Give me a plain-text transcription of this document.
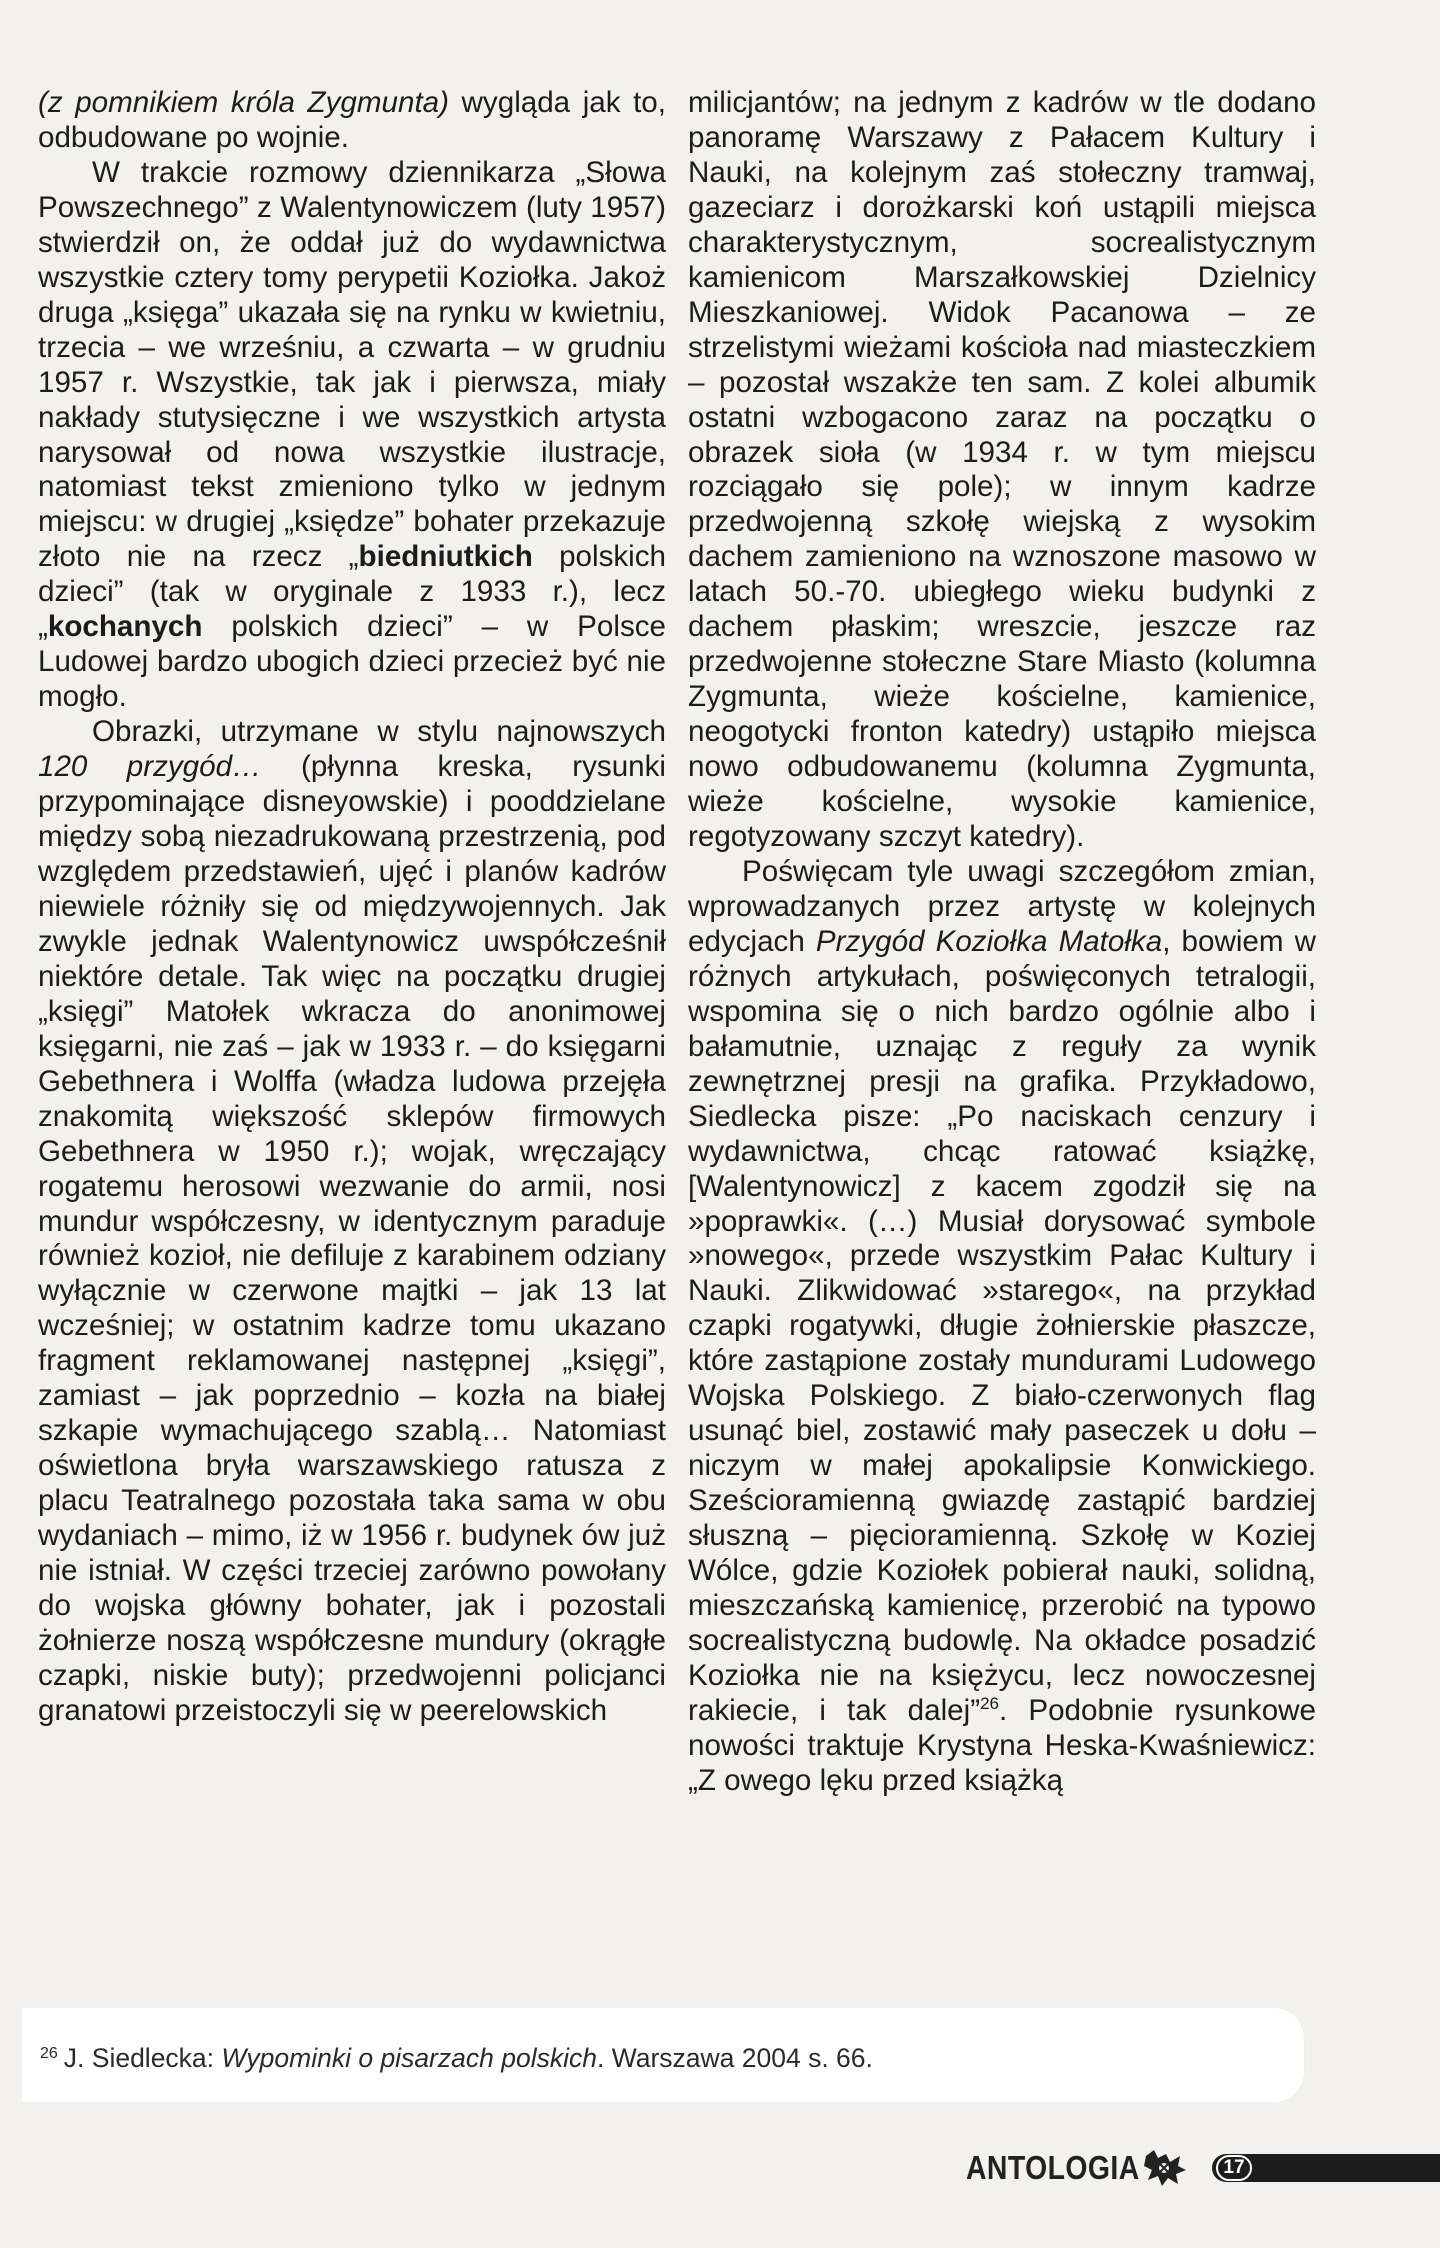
(z pomnikiem króla Zygmunta) wygląda jak to, odbudowane po wojnie.

W trakcie rozmowy dziennikarza „Słowa Powszechnego” z Walentynowiczem (luty 1957) stwierdził on, że oddał już do wydawnictwa wszystkie cztery tomy perypetii Koziołka. Jakoż druga „księga” ukazała się na rynku w kwietniu, trzecia – we wrześniu, a czwarta – w grudniu 1957 r. Wszystkie, tak jak i pierwsza, miały nakłady stutysięczne i we wszystkich artysta narysował od nowa wszystkie ilustracje, natomiast tekst zmieniono tylko w jednym miejscu: w drugiej „księdze” bohater przekazuje złoto nie na rzecz „biedniutkich polskich dzieci” (tak w oryginale z 1933 r.), lecz „kochanych polskich dzieci” – w Polsce Ludowej bardzo ubogich dzieci przecież być nie mogło.

Obrazki, utrzymane w stylu najnowszych 120 przygód… (płynna kreska, rysunki przypominające disneyowskie) i pooddzielane między sobą niezadrukowaną przestrzenią, pod względem przedstawień, ujęć i planów kadrów niewiele różniły się od międzywojennych. Jak zwykle jednak Walentynowicz uwspółcześnił niektóre detale. Tak więc na początku drugiej „księgi” Matołek wkracza do anonimowej księgarni, nie zaś – jak w 1933 r. – do księgarni Gebethnera i Wolffa (władza ludowa przejęła znakomitą większość sklepów firmowych Gebethnera w 1950 r.); wojak, wręczający rogatemu herosowi wezwanie do armii, nosi mundur współczesny, w identycznym paraduje również kozioł, nie defiluje z karabinem odziany wyłącznie w czerwone majtki – jak 13 lat wcześniej; w ostatnim kadrze tomu ukazano fragment reklamowanej następnej „księgi”, zamiast – jak poprzednio – kozła na białej szkapie wymachującego szablą… Natomiast oświetlona bryła warszawskiego ratusza z placu Teatralnego pozostała taka sama w obu wydaniach – mimo, iż w 1956 r. budynek ów już nie istniał. W części trzeciej zarówno powołany do wojska główny bohater, jak i pozostali żołnierze noszą współczesne mundury (okrągłe czapki, niskie buty); przedwojenni policjanci granatowi przeistoczyli się w peerelowskich

milicjantów; na jednym z kadrów w tle dodano panoramę Warszawy z Pałacem Kultury i Nauki, na kolejnym zaś stołeczny tramwaj, gazeciarz i dorożkarski koń ustąpili miejsca charakterystycznym, socrealistycznym kamienicom Marszałkowskiej Dzielnicy Mieszkaniowej. Widok Pacanowa – ze strzelistymi wieżami kościoła nad miasteczkiem – pozostał wszakże ten sam. Z kolei albumik ostatni wzbogacono zaraz na początku o obrazek sioła (w 1934 r. w tym miejscu rozciągało się pole); w innym kadrze przedwojenną szkołę wiejską z wysokim dachem zamieniono na wznoszone masowo w latach 50.-70. ubiegłego wieku budynki z dachem płaskim; wreszcie, jeszcze raz przedwojenne stołeczne Stare Miasto (kolumna Zygmunta, wieże kościelne, kamienice, neogotycki fronton katedry) ustąpiło miejsca nowo odbudowanemu (kolumna Zygmunta, wieże kościelne, wysokie kamienice, regotyzowany szczyt katedry).

Poświęcam tyle uwagi szczegółom zmian, wprowadzanych przez artystę w kolejnych edycjach Przygód Koziołka Matołka, bowiem w różnych artykułach, poświęconych tetralogii, wspomina się o nich bardzo ogólnie albo i bałamutnie, uznając z reguły za wynik zewnętrznej presji na grafika. Przykładowo, Siedlecka pisze: „Po naciskach cenzury i wydawnictwa, chcąc ratować książkę, [Walentynowicz] z kacem zgodził się na »poprawki«. (…) Musiał dorysować symbole »nowego«, przede wszystkim Pałac Kultury i Nauki. Zlikwidować »starego«, na przykład czapki rogatywki, długie żołnierskie płaszcze, które zastąpione zostały mundurami Ludowego Wojska Polskiego. Z biało-czerwonych flag usunąć biel, zostawić mały paseczek u dołu – niczym w małej apokalipsie Konwickiego. Sześcioramienną gwiazdę zastąpić bardziej słuszną – pięcioramienną. Szkołę w Koziej Wólce, gdzie Koziołek pobierał nauki, solidną, mieszczańską kamienicę, przerobić na typowo socrealistyczną budowlę. Na okładce posadzić Koziołka nie na księżycu, lecz nowoczesnej rakiecie, i tak dalej”$^{26}$. Podobnie rysunkowe nowości traktuje Krystyna Heska-Kwaśniewicz: „Z owego lęku przed książką

$^{26}$ J. Siedlecka: Wypominki o pisarzach polskich. Warszawa 2004 s. 66.
ANTOLOGIA	17
